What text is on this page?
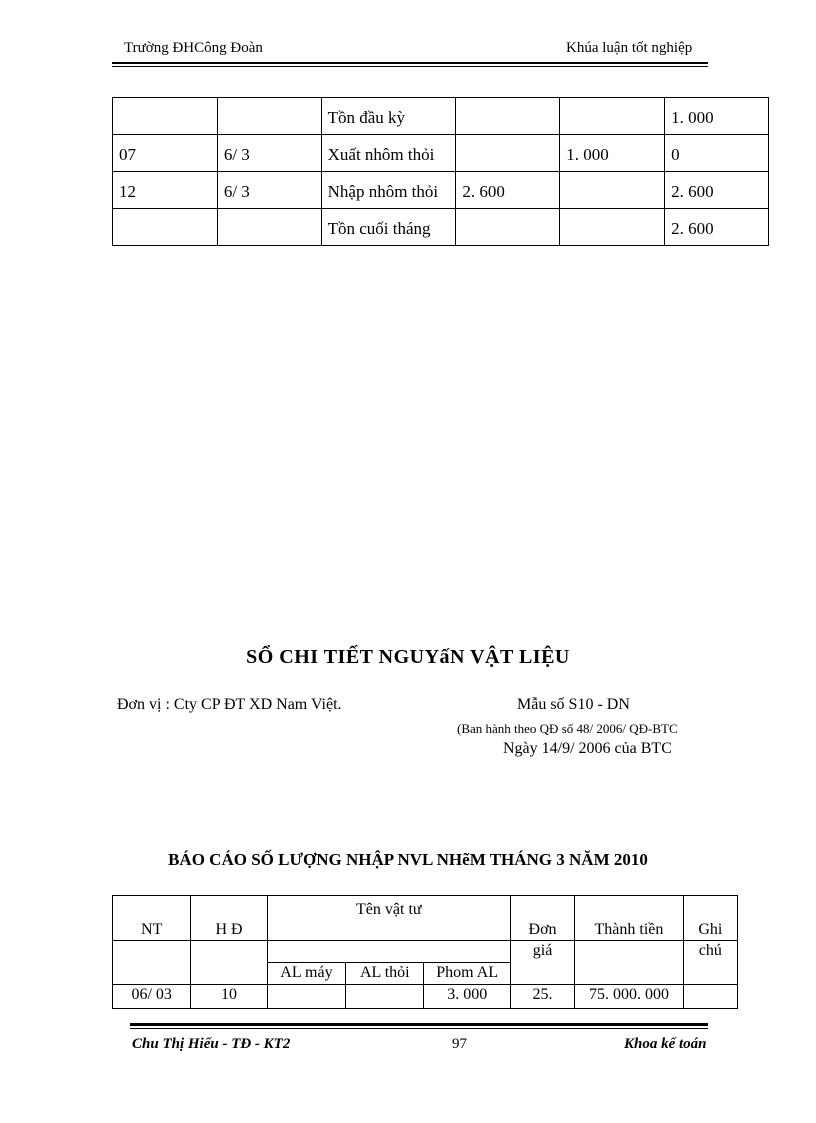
Trường ĐHCông Đoàn	Khúa luận tốt nghiệp
		Tồn đầu kỳ			1. 000
07	6/ 3	Xuất nhôm thỏi		1. 000	0
12	6/ 3	Nhập nhôm thỏi	2. 600		2. 600
		Tồn cuối tháng			2. 600
SỔ CHI TIẾT NGUYấN VẬT LIỆU
Đơn vị : Cty CP ĐT XD Nam Việt.	Mẫu số S10 - DN
(Ban hành theo QĐ số 48/ 2006/ QĐ-BTC
Ngày 14/9/ 2006 của BTC
BÁO CÁO SỐ LƯỢNG NHẬP NVL NHẽM THÁNG 3 NĂM 2010
NT	H Đ	Tên vật tư			Đơn	Thành tiền	Ghi
					giá		chú
		AL máy	AL thỏi	Phom AL			
06/ 03	10			3. 000	25.	75. 000. 000	
Chu Thị Hiếu - TĐ - KT2	97	Khoa kế toán
